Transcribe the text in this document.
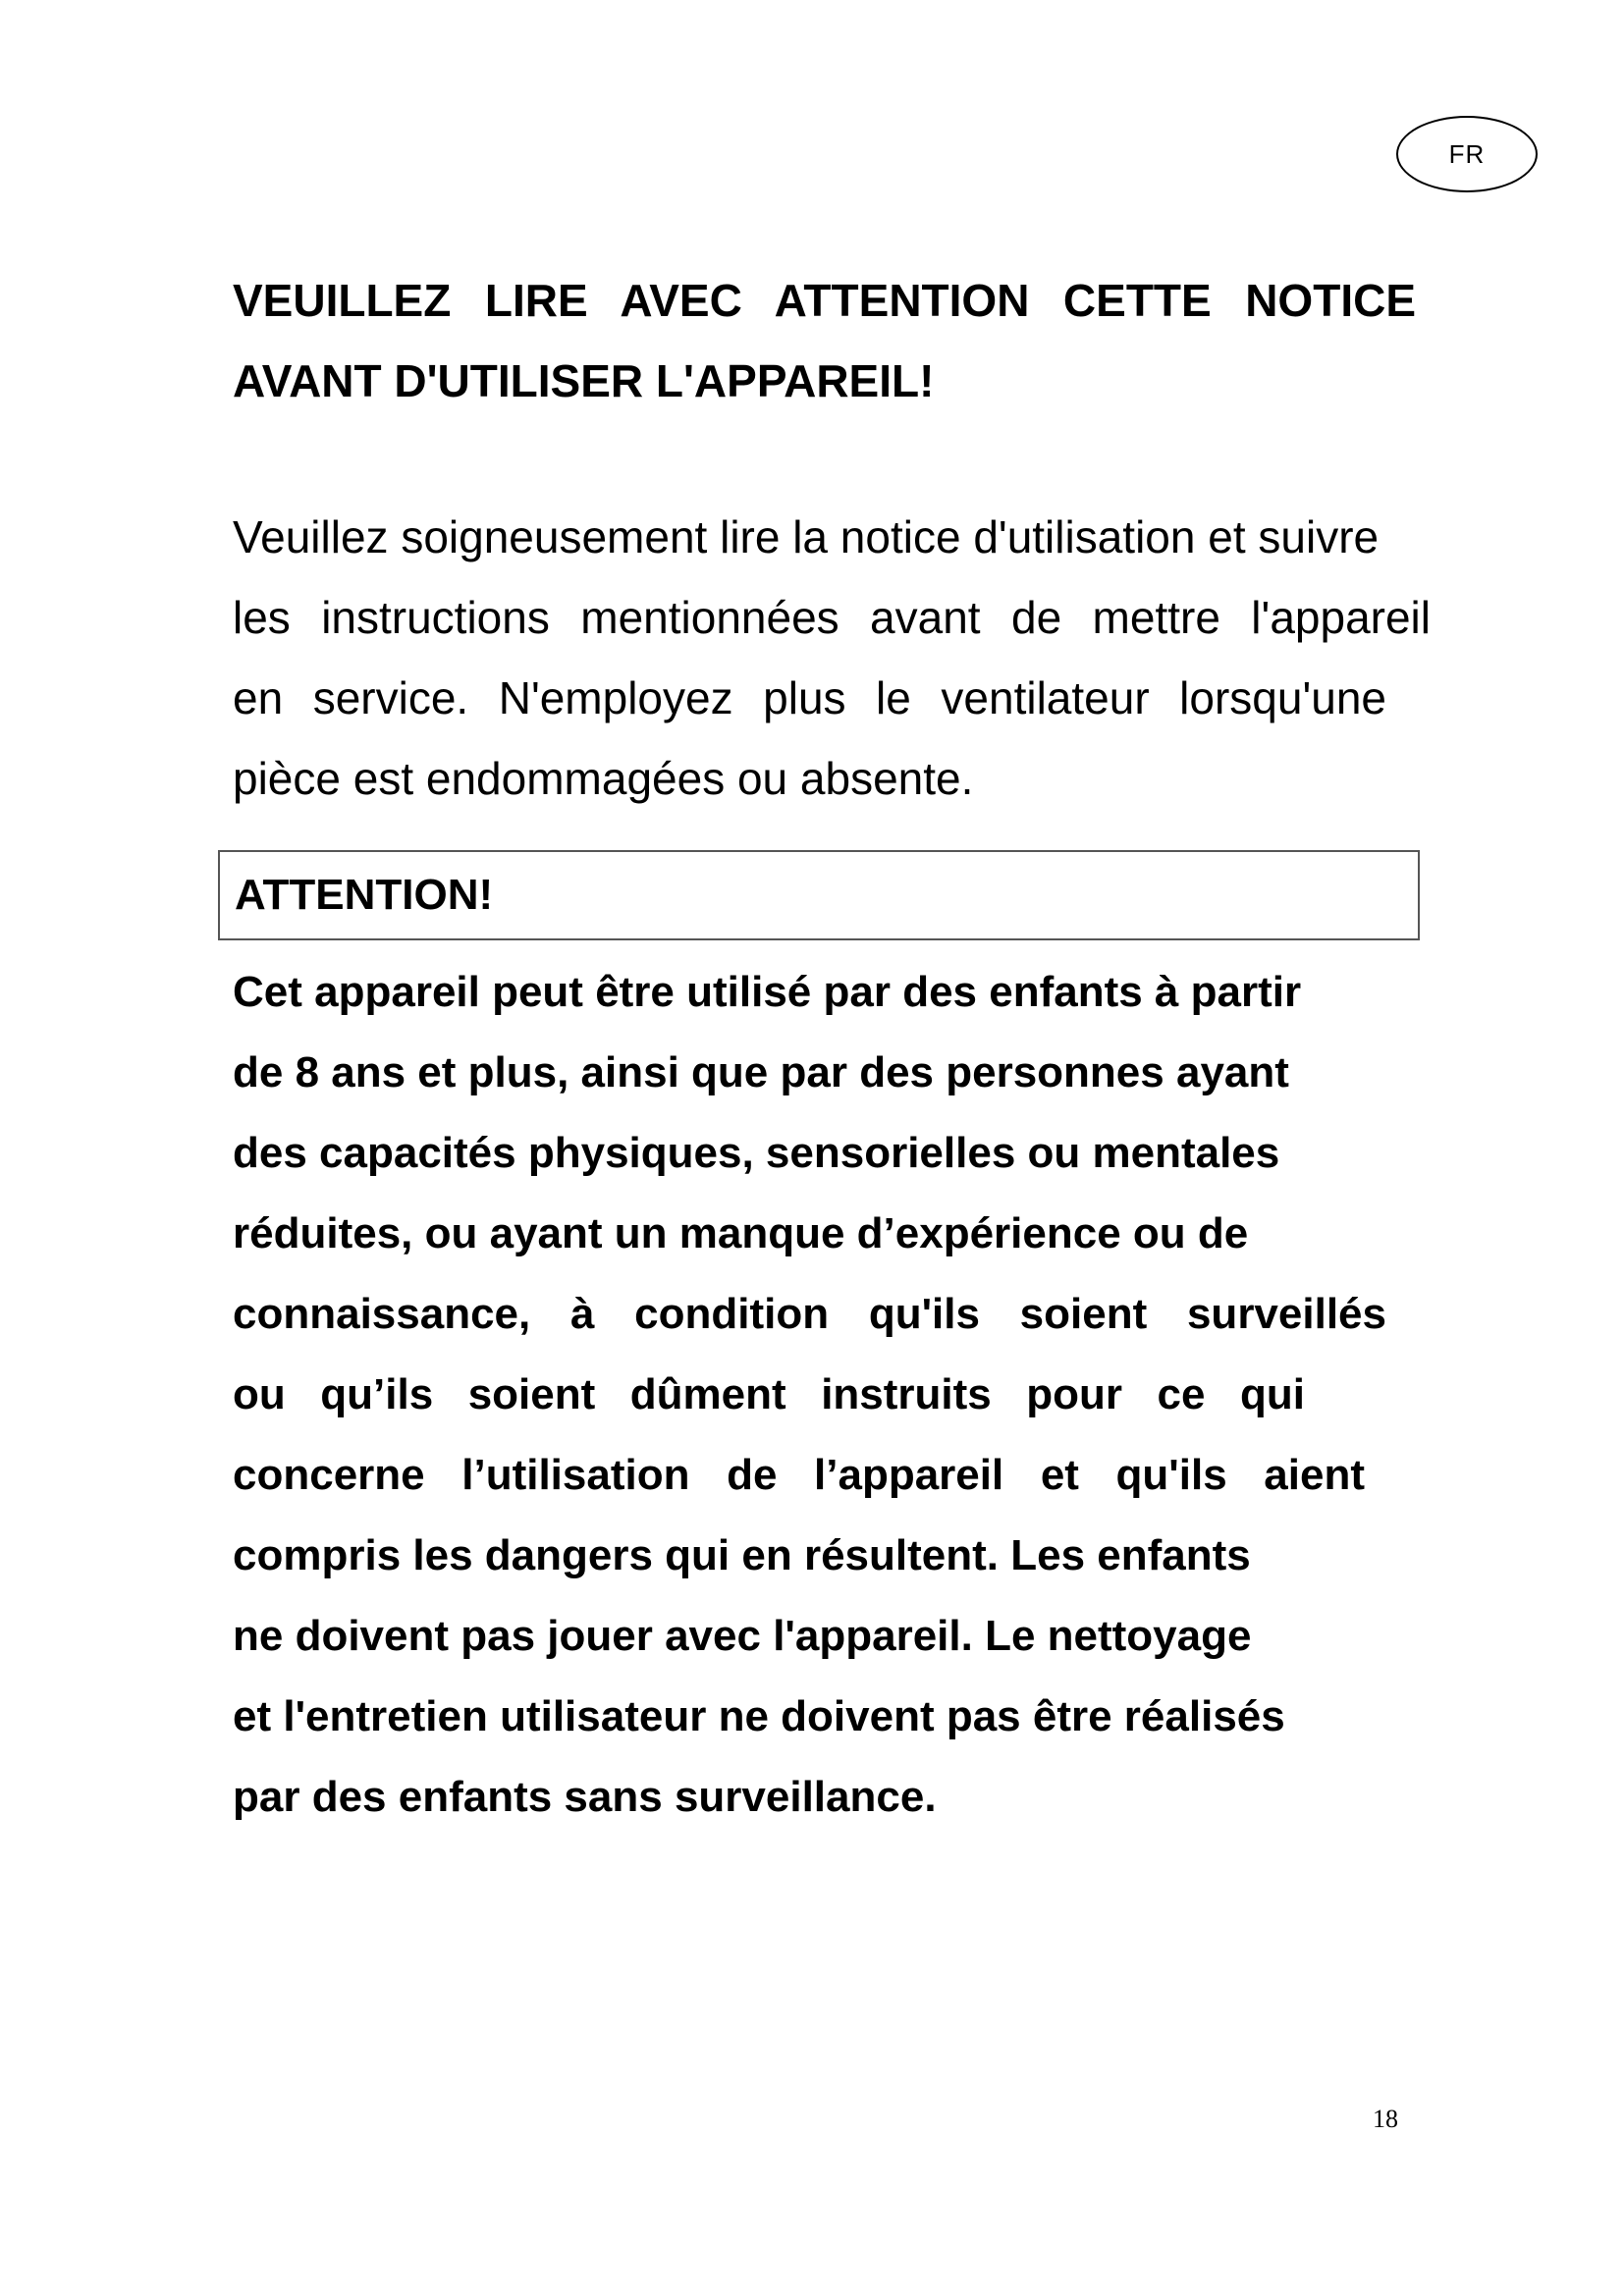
FR
VEUILLEZ LIRE AVEC ATTENTION CETTE NOTICE
AVANT D'UTILISER L'APPAREIL!

Veuillez soigneusement lire la notice d'utilisation et suivre
les instructions mentionnées avant de mettre l'appareil
en service. N'employez plus le ventilateur lorsqu'une
pièce est endommagées ou absente.

ATTENTION!

Cet appareil peut être utilisé par des enfants à partir
de 8 ans et plus, ainsi que par des personnes ayant
des capacités physiques, sensorielles ou mentales
réduites, ou ayant un manque d’expérience ou de
connaissance, à condition qu'ils soient surveillés
ou qu’ils soient dûment instruits pour ce qui
concerne l’utilisation de l’appareil et qu'ils aient
compris les dangers qui en résultent. Les enfants
ne doivent pas jouer avec l'appareil. Le nettoyage
et l'entretien utilisateur ne doivent pas être réalisés
par des enfants sans surveillance.

18
